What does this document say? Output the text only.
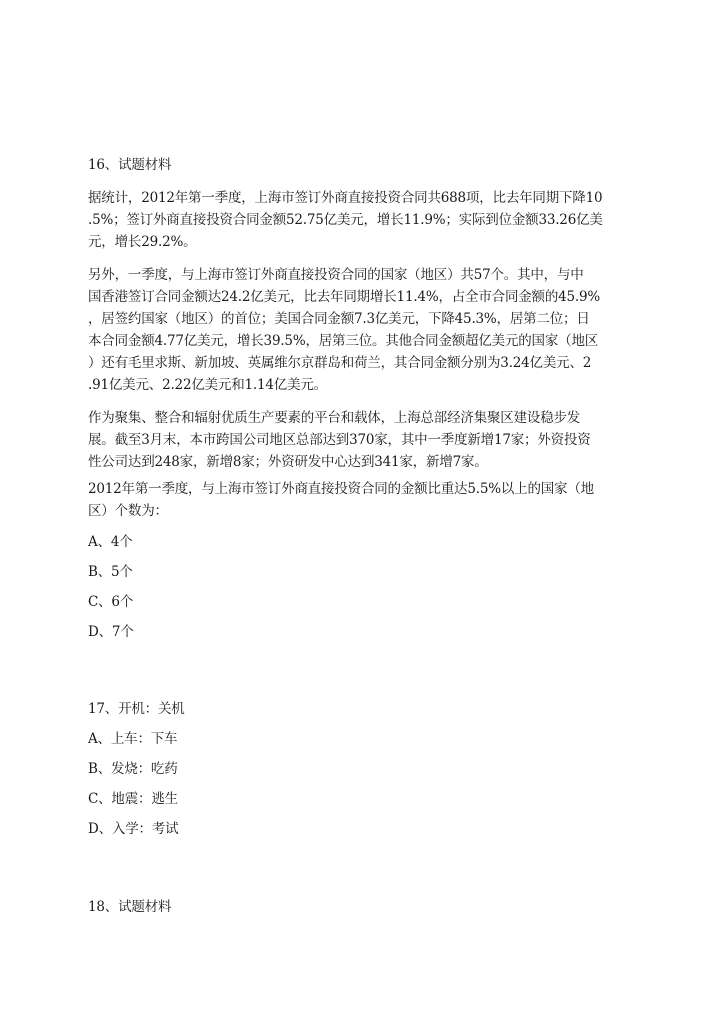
16、试题材料
据统计，2012年第一季度，上海市签订外商直接投资合同共688项，比去年同期下降10
.5%；签订外商直接投资合同金额52.75亿美元，增长11.9%；实际到位金额33.26亿美
元，增长29.2%。
另外，一季度，与上海市签订外商直接投资合同的国家（地区）共57个。其中，与中
国香港签订合同金额达24.2亿美元，比去年同期增长11.4%，占全市合同金额的45.9%
，居签约国家（地区）的首位；美国合同金额7.3亿美元，下降45.3%，居第二位；日
本合同金额4.77亿美元，增长39.5%，居第三位。其他合同金额超亿美元的国家（地区
）还有毛里求斯、新加坡、英属维尔京群岛和荷兰，其合同金额分别为3.24亿美元、2
.91亿美元、2.22亿美元和1.14亿美元。
作为聚集、整合和辐射优质生产要素的平台和载体，上海总部经济集聚区建设稳步发
展。截至3月末，本市跨国公司地区总部达到370家，其中一季度新增17家；外资投资
性公司达到248家，新增8家；外资研发中心达到341家，新增7家。
2012年第一季度，与上海市签订外商直接投资合同的金额比重达5.5%以上的国家（地
区）个数为：
A、4个
B、5个
C、6个
D、7个
17、开机：关机
A、上车：下车
B、发烧：吃药
C、地震：逃生
D、入学：考试
18、试题材料
